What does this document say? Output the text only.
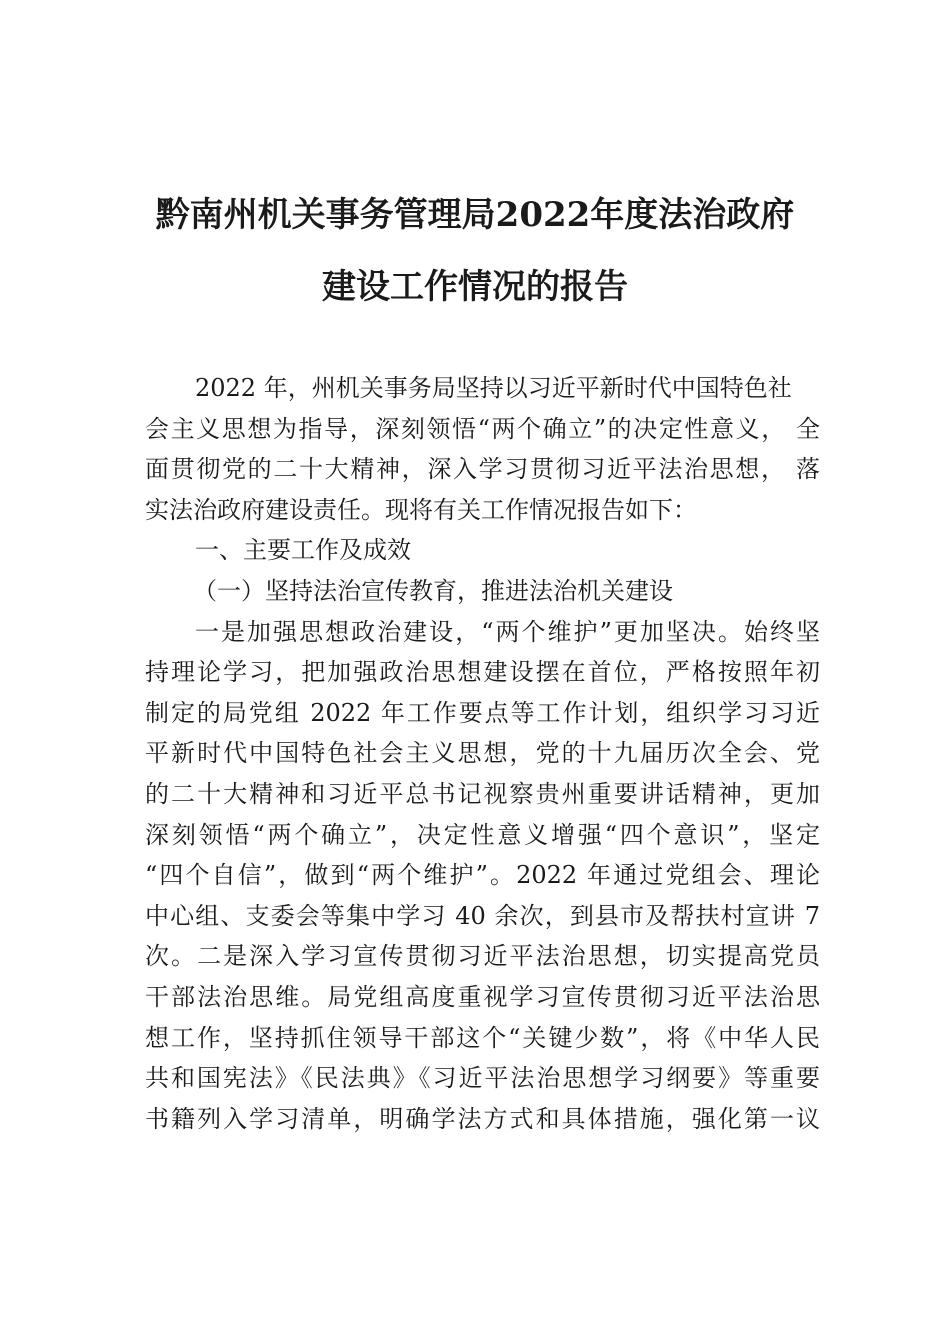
黔南州机关事务管理局2022年度法治政府
建设工作情况的报告
2022 年，州机关事务局坚持以习近平新时代中国特色社
会主义思想为指导，深刻领悟“两个确立”的决定性意义， 全
面贯彻党的二十大精神，深入学习贯彻习近平法治思想， 落
实法治政府建设责任。现将有关工作情况报告如下：
一、主要工作及成效
（一）坚持法治宣传教育，推进法治机关建设
一是加强思想政治建设，“两个维护”更加坚决。始终坚
持理论学习，把加强政治思想建设摆在首位，严格按照年初
制定的局党组 2022 年工作要点等工作计划，组织学习习近
平新时代中国特色社会主义思想，党的十九届历次全会、党
的二十大精神和习近平总书记视察贵州重要讲话精神，更加
深刻领悟“两个确立”，决定性意义增强“四个意识”，坚定
“四个自信”，做到“两个维护”。2022 年通过党组会、理论
中心组、支委会等集中学习 40 余次，到县市及帮扶村宣讲 7
次。二是深入学习宣传贯彻习近平法治思想，切实提高党员
干部法治思维。局党组高度重视学习宣传贯彻习近平法治思
想工作，坚持抓住领导干部这个“关键少数”，将《中华人民
共和国宪法》《民法典》《习近平法治思想学习纲要》等重要
书籍列入学习清单，明确学法方式和具体措施，强化第一议
